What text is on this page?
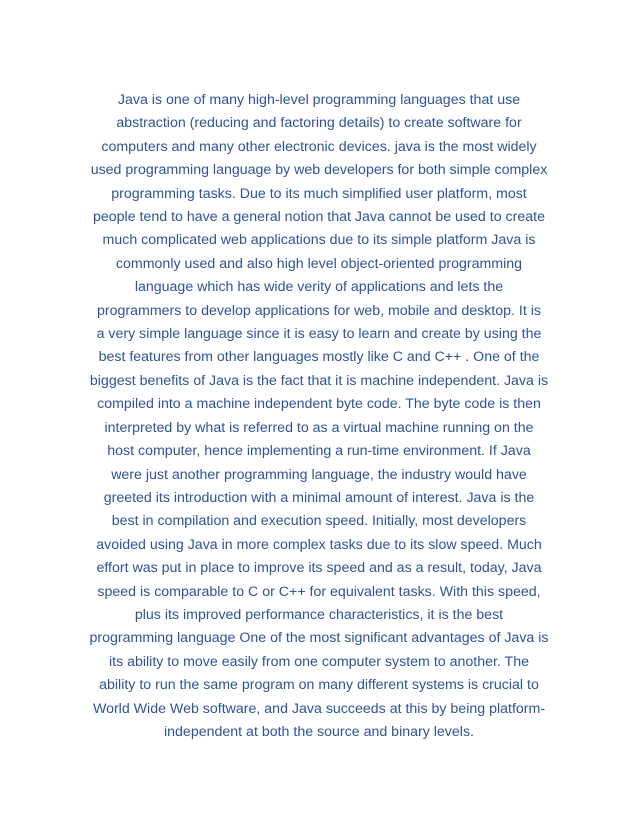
Java is one of many high-level programming languages that use
abstraction (reducing and factoring details) to create software for
computers and many other electronic devices. java is the most widely
used programming language by web developers for both simple complex
programming tasks. Due to its much simplified user platform, most
people tend to have a general notion that Java cannot be used to create
much complicated web applications due to its simple platform Java is
commonly used and also high level object-oriented programming
language which has wide verity of applications and lets the
programmers to develop applications for web, mobile and desktop. It is
a very simple language since it is easy to learn and create by using the
best features from other languages mostly like C and C++ . One of the
biggest benefits of Java is the fact that it is machine independent. Java is
compiled into a machine independent byte code. The byte code is then
interpreted by what is referred to as a virtual machine running on the
host computer, hence implementing a run-time environment. If Java
were just another programming language, the industry would have
greeted its introduction with a minimal amount of interest. Java is the
best in compilation and execution speed. Initially, most developers
avoided using Java in more complex tasks due to its slow speed. Much
effort was put in place to improve its speed and as a result, today, Java
speed is comparable to C or C++ for equivalent tasks. With this speed,
plus its improved performance characteristics, it is the best
programming language One of the most significant advantages of Java is
its ability to move easily from one computer system to another. The
ability to run the same program on many different systems is crucial to
World Wide Web software, and Java succeeds at this by being platform-
independent at both the source and binary levels.
